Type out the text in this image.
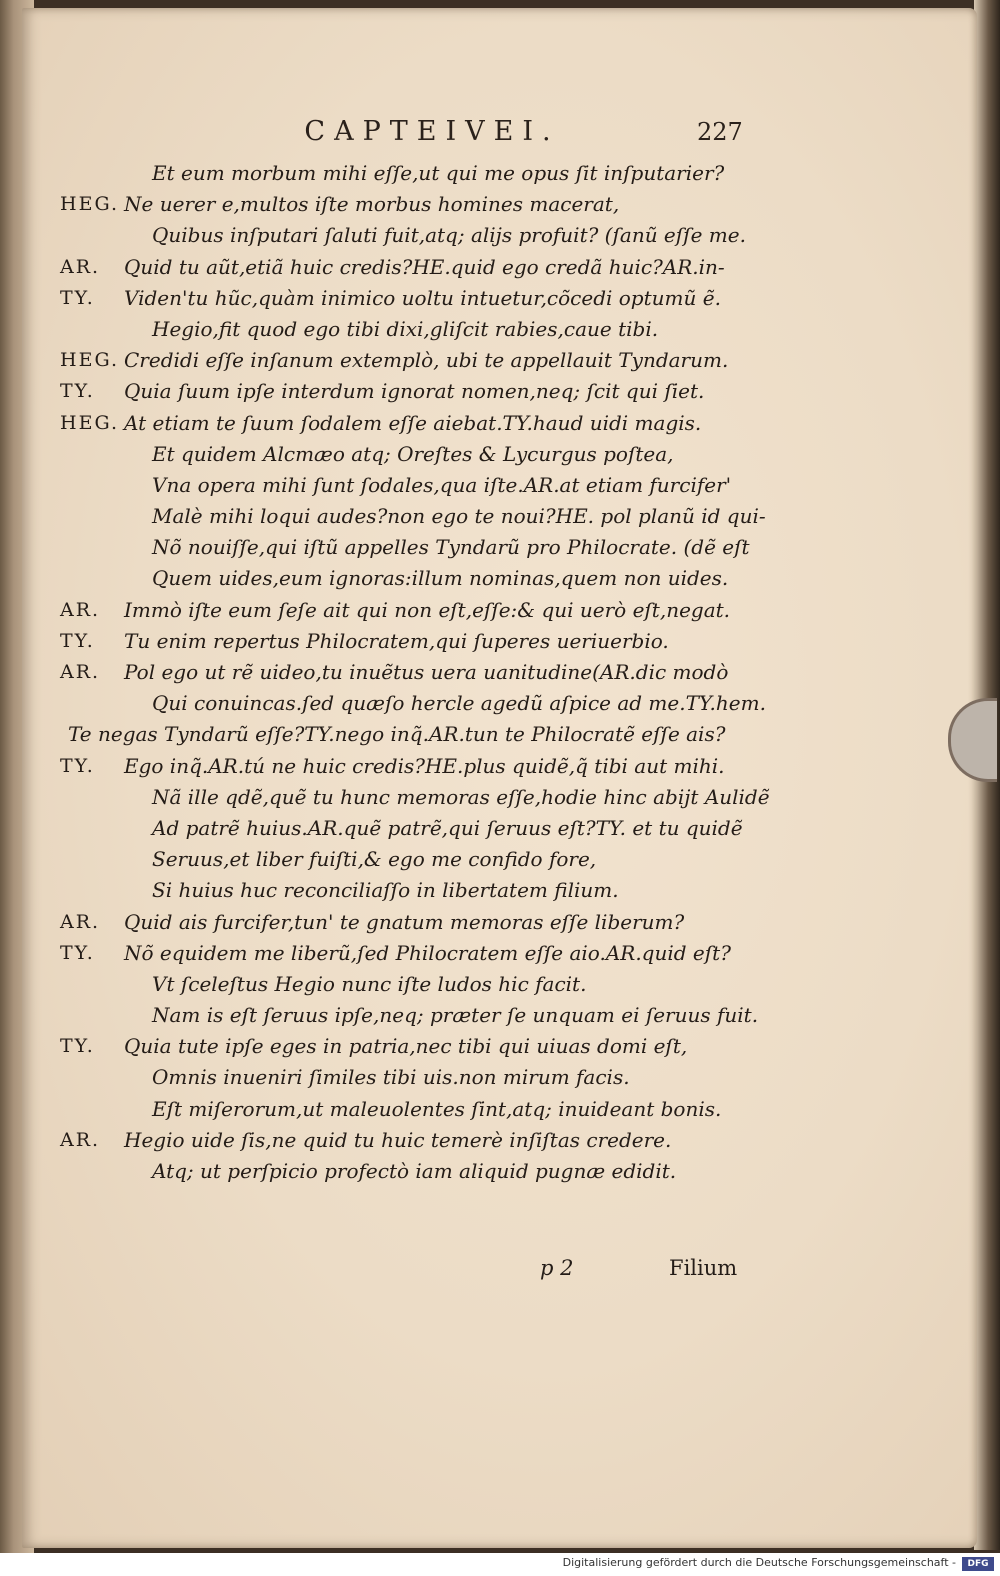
CAPTEIVEI.	227
Et eum morbum mihi eſſe,ut qui me opus ſit inſputarier?
HEG. Ne uerer e,multos iſte morbus homines macerat,
Quibus inſputari ſaluti fuit,atq; alijs profuit? (ſanũ eſſe me.
AR. Quid tu aũt,etiã huic credis?HE.quid ego credã huic?AR.in-
TY. Viden'tu hũc,quàm inimico uoltu intuetur,cõcedi optumũ ẽ.
Hegio,fit quod ego tibi dixi,gliſcit rabies,caue tibi.
HEG. Credidi eſſe inſanum extemplò, ubi te appellauit Tyndarum.
TY. Quia ſuum ipſe interdum ignorat nomen,neq; ſcit qui ſiet.
HEG. At etiam te ſuum ſodalem eſſe aiebat.TY.haud uidi magis.
Et quidem Alcmæo atq; Oreſtes & Lycurgus poſtea,
Vna opera mihi ſunt ſodales,qua iſte.AR.at etiam furcifer'
Malè mihi loqui audes?non ego te noui?HE. pol planũ id qui-
Nõ nouiſſe,qui iſtũ appelles Tyndarũ pro Philocrate. (dẽ eſt
Quem uides,eum ignoras:illum nominas,quem non uides.
AR. Immò iſte eum ſeſe ait qui non eſt,eſſe:& qui uerò eſt,negat.
TY. Tu enim repertus Philocratem,qui ſuperes ueriuerbio.
AR. Pol ego ut rẽ uideo,tu inuẽtus uera uanitudine(AR.dic modò
Qui conuincas.ſed quæſo hercle agedũ aſpice ad me.TY.hem.
Te negas Tyndarũ eſſe?TY.nego inq̃.AR.tun te Philocratẽ eſſe ais?
TY. Ego inq̃.AR.tú ne huic credis?HE.plus quidẽ,q̃ tibi aut mihi.
Nã ille qdẽ,quẽ tu hunc memoras eſſe,hodie hinc abijt Aulidẽ
Ad patrẽ huius.AR.quẽ patrẽ,qui ſeruus eſt?TY. et tu quidẽ
Seruus,et liber fuiſti,& ego me confido fore,
Si huius huc reconciliaſſo in libertatem filium.
AR. Quid ais furcifer,tun' te gnatum memoras eſſe liberum?
TY. Nõ equidem me liberũ,ſed Philocratem eſſe aio.AR.quid eſt?
Vt ſceleſtus Hegio nunc iſte ludos hic facit.
Nam is eſt ſeruus ipſe,neq; præter ſe unquam ei ſeruus fuit.
TY. Quia tute ipſe eges in patria,nec tibi qui uiuas domi eſt,
Omnis inueniri ſimiles tibi uis.non mirum facis.
Eſt miſerorum,ut maleuolentes ſint,atq; inuideant bonis.
AR. Hegio uide ſis,ne quid tu huic temerè inſiſtas credere.
Atq; ut perſpicio profectò iam aliquid pugnæ edidit.
p 2	Filium
Digitalisierung gefördert durch die Deutsche Forschungsgemeinschaft -	DFG
